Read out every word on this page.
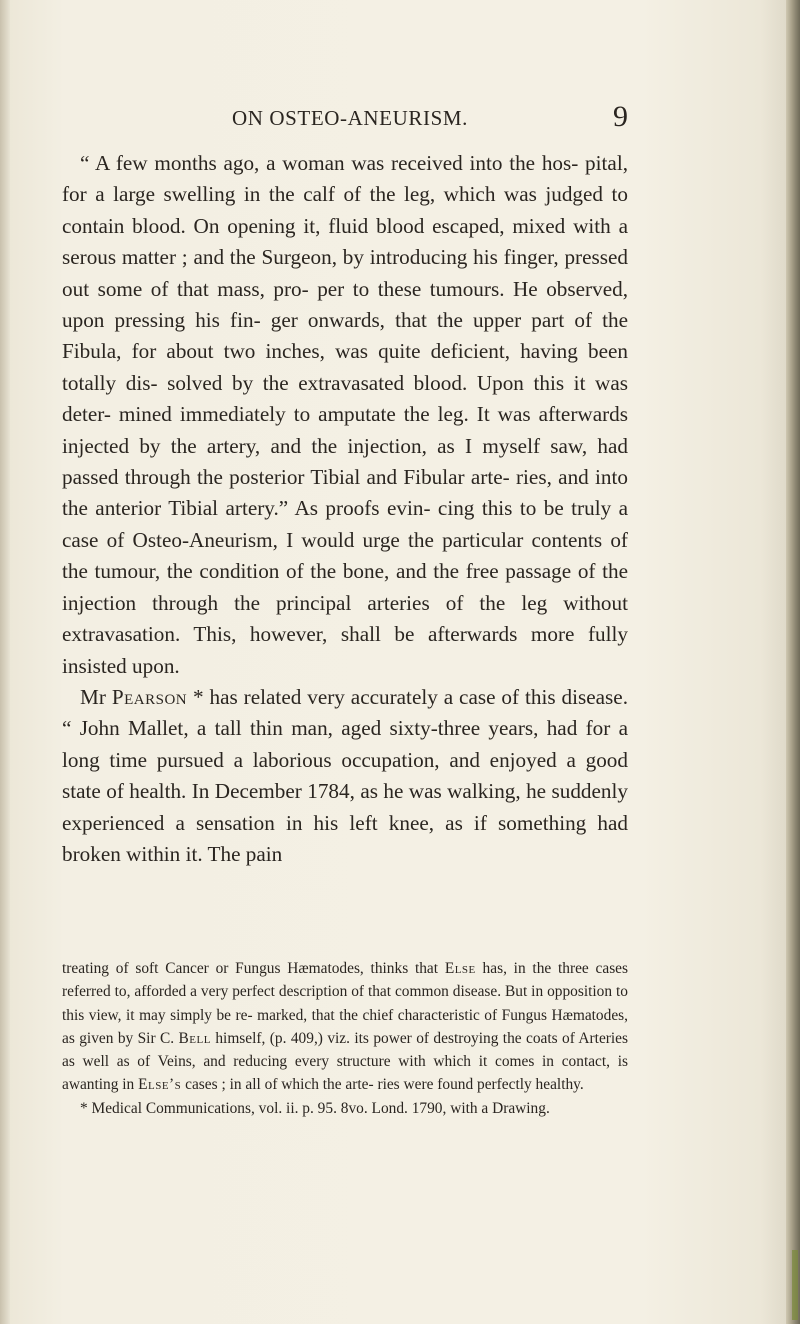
ON OSTEO-ANEURISM.	9

“ A few months ago, a woman was received into the hos- pital, for a large swelling in the calf of the leg, which was judged to contain blood. On opening it, fluid blood escaped, mixed with a serous matter ; and the Surgeon, by introducing his finger, pressed out some of that mass, pro- per to these tumours. He observed, upon pressing his fin- ger onwards, that the upper part of the Fibula, for about two inches, was quite deficient, having been totally dis- solved by the extravasated blood. Upon this it was deter- mined immediately to amputate the leg. It was afterwards injected by the artery, and the injection, as I myself saw, had passed through the posterior Tibial and Fibular arte- ries, and into the anterior Tibial artery.” As proofs evin- cing this to be truly a case of Osteo-Aneurism, I would urge the particular contents of the tumour, the condition of the bone, and the free passage of the injection through the principal arteries of the leg without extravasation. This, however, shall be afterwards more fully insisted upon.

Mr Pearson * has related very accurately a case of this disease. “ John Mallet, a tall thin man, aged sixty-three years, had for a long time pursued a laborious occupation, and enjoyed a good state of health. In December 1784, as he was walking, he suddenly experienced a sensation in his left knee, as if something had broken within it. The pain

treating of soft Cancer or Fungus Hæmatodes, thinks that Else has, in the three cases referred to, afforded a very perfect description of that common disease. But in opposition to this view, it may simply be re- marked, that the chief characteristic of Fungus Hæmatodes, as given by Sir C. Bell himself, (p. 409,) viz. its power of destroying the coats of Arteries as well as of Veins, and reducing every structure with which it comes in contact, is awanting in Else’s cases ; in all of which the arte- ries were found perfectly healthy.

* Medical Communications, vol. ii. p. 95. 8vo. Lond. 1790, with a Drawing.
